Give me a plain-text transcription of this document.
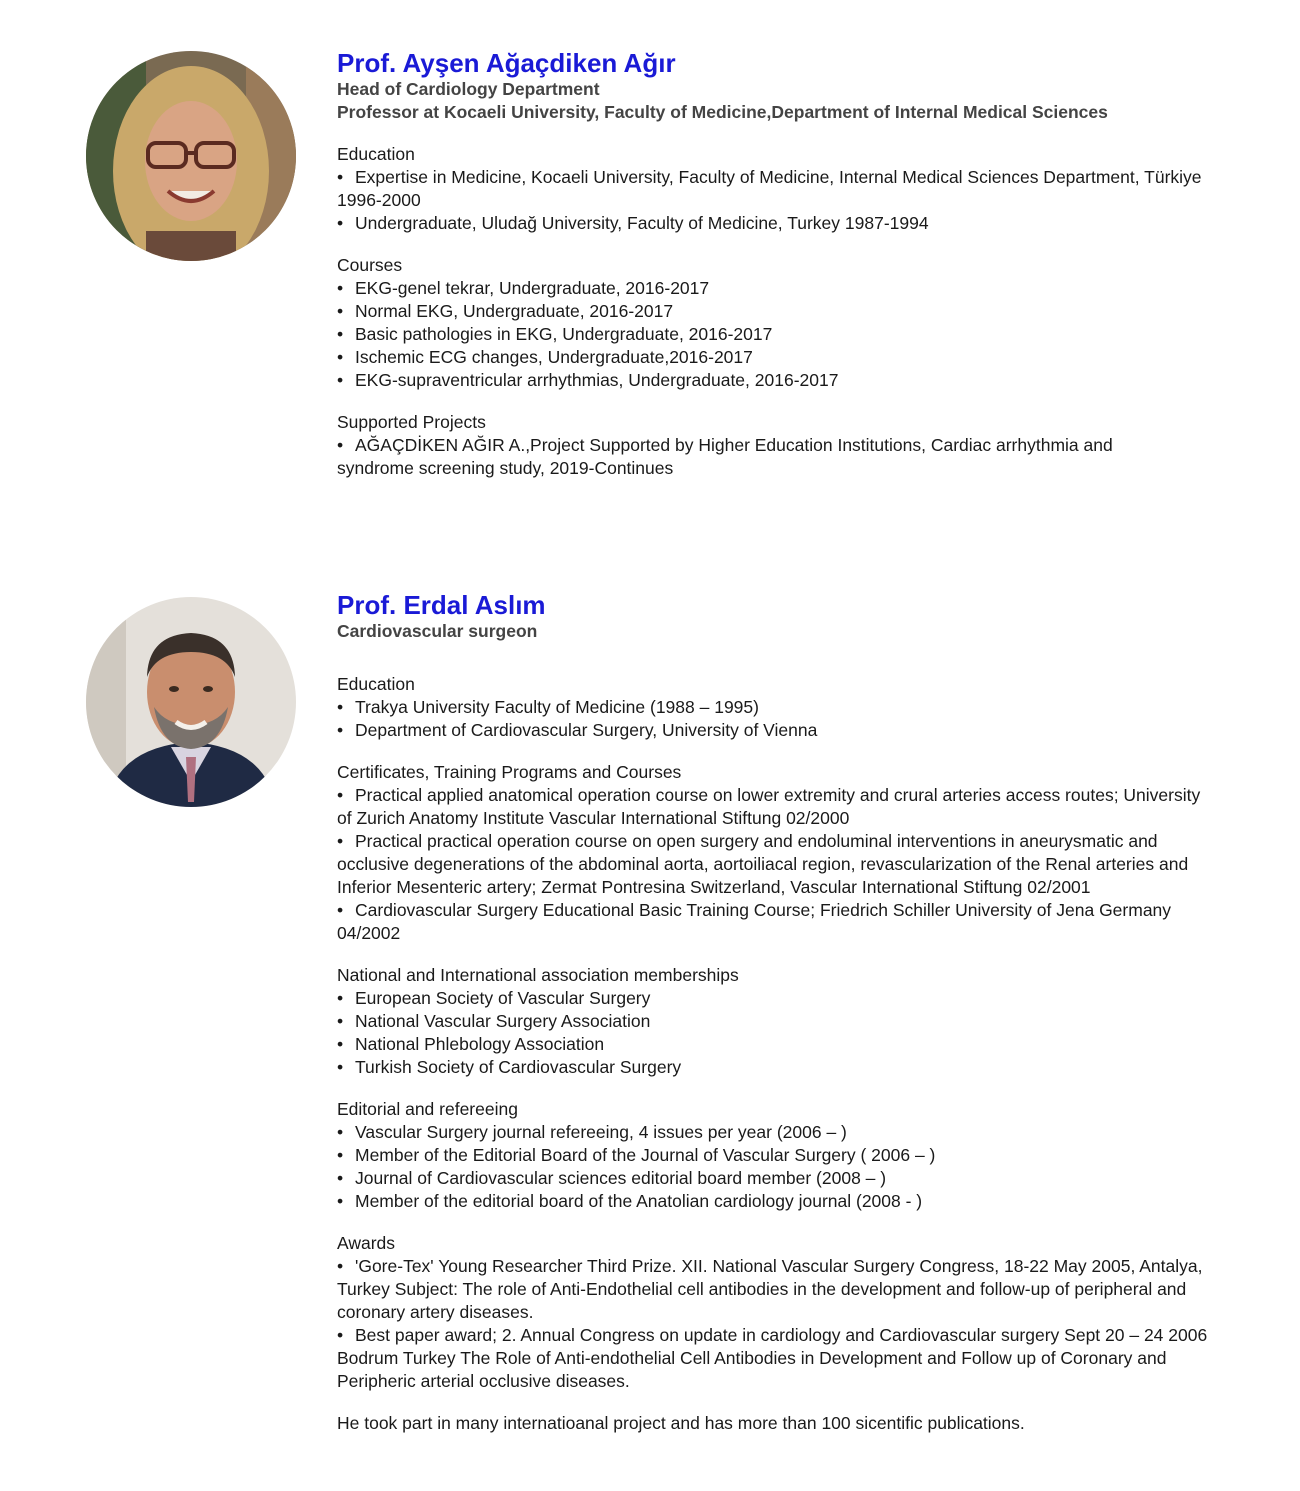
Prof. Ayşen Ağaçdiken Ağır

Head of Cardiology Department

Professor at Kocaeli University, Faculty of Medicine,Department of Internal Medical Sciences

Education

• Expertise in Medicine, Kocaeli University, Faculty of Medicine, Internal Medical Sciences Department, Türkiye 1996-2000

• Undergraduate, Uludağ University, Faculty of Medicine, Turkey 1987-1994

Courses

• EKG-genel tekrar, Undergraduate, 2016-2017

• Normal EKG, Undergraduate, 2016-2017

• Basic pathologies in EKG, Undergraduate, 2016-2017

• Ischemic ECG changes, Undergraduate,2016-2017

• EKG-supraventricular arrhythmias, Undergraduate, 2016-2017

Supported Projects

• AĞAÇDİKEN AĞIR A.,Project Supported by Higher Education Institutions, Cardiac arrhythmia and syndrome screening study, 2019-Continues

Prof. Erdal Aslım

Cardiovascular surgeon

Education

• Trakya University Faculty of Medicine (1988 – 1995)

• Department of Cardiovascular Surgery, University of Vienna

Certificates, Training Programs and Courses

• Practical applied anatomical operation course on lower extremity and crural arteries access routes; University of Zurich Anatomy Institute Vascular International Stiftung 02/2000

• Practical practical operation course on open surgery and endoluminal interventions in aneurysmatic and occlusive degenerations of the abdominal aorta, aortoiliacal region, revascularization of the Renal arteries and Inferior Mesenteric artery; Zermat Pontresina Switzerland, Vascular International Stiftung 02/2001

• Cardiovascular Surgery Educational Basic Training Course; Friedrich Schiller University of Jena Germany 04/2002

National and International association memberships

• European Society of Vascular Surgery

• National Vascular Surgery Association

• National Phlebology Association

• Turkish Society of Cardiovascular Surgery

Editorial and refereeing

• Vascular Surgery journal refereeing, 4 issues per year (2006 – )

• Member of the Editorial Board of the Journal of Vascular Surgery ( 2006 – )

• Journal of Cardiovascular sciences editorial board member (2008 – )

• Member of the editorial board of the Anatolian cardiology journal (2008 - )

Awards

• 'Gore-Tex' Young Researcher Third Prize. XII. National Vascular Surgery Congress, 18-22 May 2005, Antalya, Turkey Subject: The role of Anti-Endothelial cell antibodies in the development and follow-up of peripheral and coronary artery diseases.

• Best paper award; 2. Annual Congress on update in cardiology and Cardiovascular surgery Sept 20 – 24 2006 Bodrum Turkey The Role of Anti-endothelial Cell Antibodies in Development and Follow up of Coronary and Peripheric arterial occlusive diseases.

He took part in many internatioanal project and has more than 100 sicentific publications.
